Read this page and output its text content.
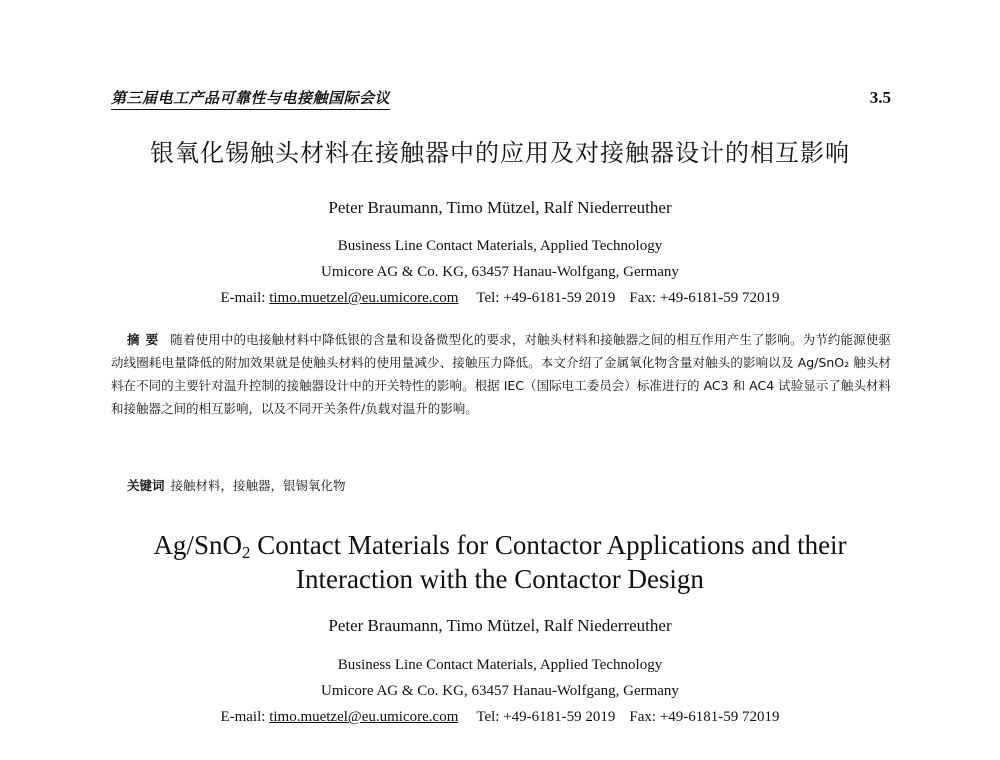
第三届电工产品可靠性与电接触国际会议	3.5
银氧化锡触头材料在接触器中的应用及对接触器设计的相互影响
Peter Braumann, Timo Mützel, Ralf Niederreuther
Business Line Contact Materials, Applied Technology
Umicore AG & Co. KG, 63457 Hanau-Wolfgang, Germany
E-mail: timo.muetzel@eu.umicore.com Tel: +49-6181-59 2019 Fax: +49-6181-59 72019
摘要 随着使用中的电接触材料中降低银的含量和设备微型化的要求，对触头材料和接触器之间的相互作用产生了影响。为节约能源使驱动线圈耗电量降低的附加效果就是使触头材料的使用量减少、接触压力降低。本文介绍了金属氧化物含量对触头的影响以及 Ag/SnO₂ 触头材料在不同的主要针对温升控制的接触器设计中的开关特性的影响。根据 IEC（国际电工委员会）标准进行的 AC3 和 AC4 试验显示了触头材料和接触器之间的相互影响，以及不同开关条件/负载对温升的影响。
关键词 接触材料，接触器，银锡氧化物
Ag/SnO$_2$ Contact Materials for Contactor Applications and their
Interaction with the Contactor Design
Peter Braumann, Timo Mützel, Ralf Niederreuther
Business Line Contact Materials, Applied Technology
Umicore AG & Co. KG, 63457 Hanau-Wolfgang, Germany
E-mail: timo.muetzel@eu.umicore.com Tel: +49-6181-59 2019 Fax: +49-6181-59 72019
